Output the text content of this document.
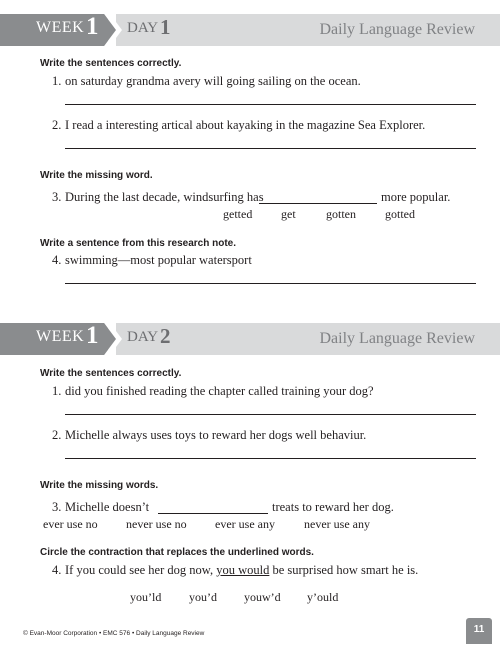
WEEK 1 DAY 1	Daily Language Review
Write the sentences correctly.
1. on saturday grandma avery will going sailing on the ocean.
2. I read a interesting artical about kayaking in the magazine Sea Explorer.
Write the missing word.
3. During the last decade, windsurfing has	more popular.
getted get	gotten gotted
Write a sentence from this research note.
4. swimming—most popular watersport
WEEK 1 DAY 2	Daily Language Review
Write the sentences correctly.
1. did you finished reading the chapter called training your dog?
2. Michelle always uses toys to reward her dogs well behaviur.
Write the missing words.
3. Michelle doesn’t	treats to reward her dog.
ever use no never use no ever use any never use any
Circle the contraction that replaces the underlined words.
4. If you could see her dog now, you would be surprised how smart he is.
you’ld you’d youw’d y’ould
© Evan-Moor Corporation • EMC 576 • Daily Language Review	11
